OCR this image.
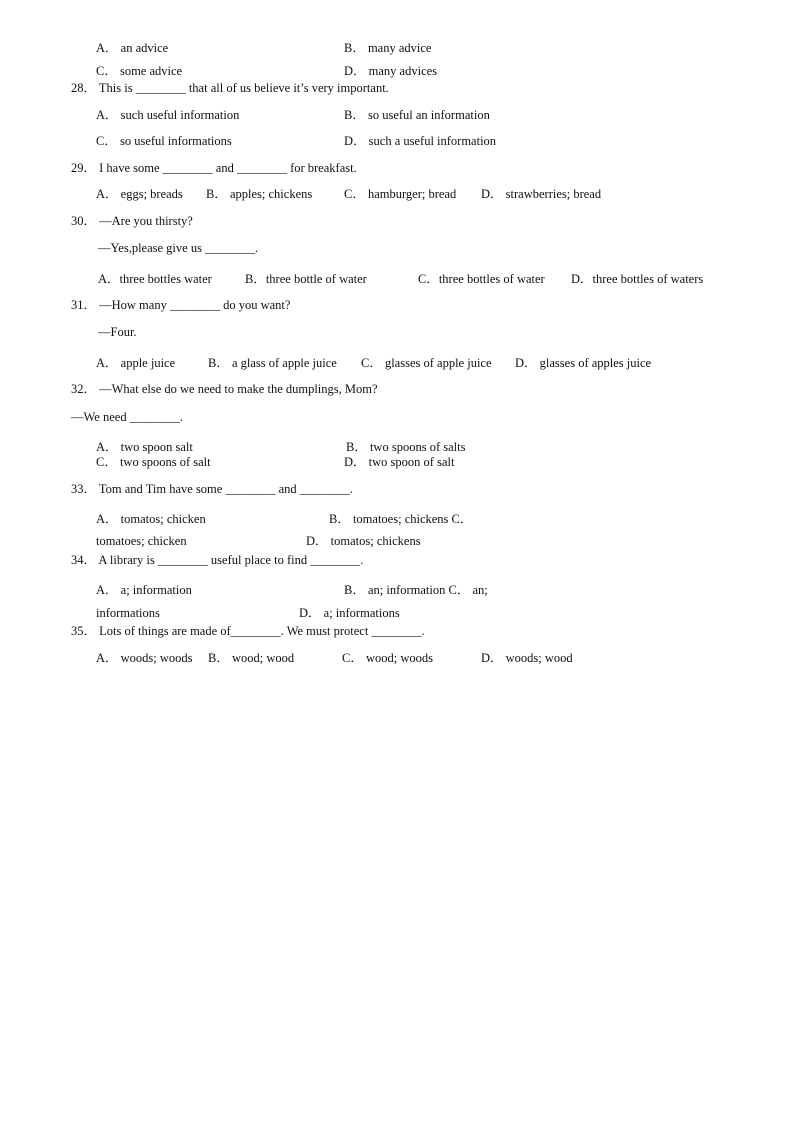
A． an advice	B． many advice
C． some advice	D． many advices
28． This is ________ that all of us believe it’s very important.
A． such useful information	B． so useful an information
C． so useful informations	D． such a useful information
29． I have some ________ and ________ for breakfast.
A． eggs; breads B． apples; chickens	C． hamburger; bread D． strawberries; bread
30． —Are you thirsty?
—Yes,please give us ________.
A．three bottles water	B．three bottle of water	C．three bottles of water D．three bottles of waters
31． —How many ________ do you want?
—Four.
A． apple juice	B． a glass of apple juice C． glasses of apple juice D． glasses of apples juice
32． —What else do we need to make the dumplings, Mom?
—We need ________.
A． two spoon salt	B． two spoons of salts
C． two spoons of salt	D． two spoon of salt
33． Tom and Tim have some ________ and ________.
A． tomatos; chicken	B． tomatoes; chickens C．
tomatoes; chicken	D． tomatos; chickens
34． A library is ________ useful place to find ________.
A． a; information	B． an; information C． an;
informations	D． a; informations
35． Lots of things are made of________. We must protect ________.
A． woods; woods B． wood; wood	C． wood; woods	D． woods; wood
